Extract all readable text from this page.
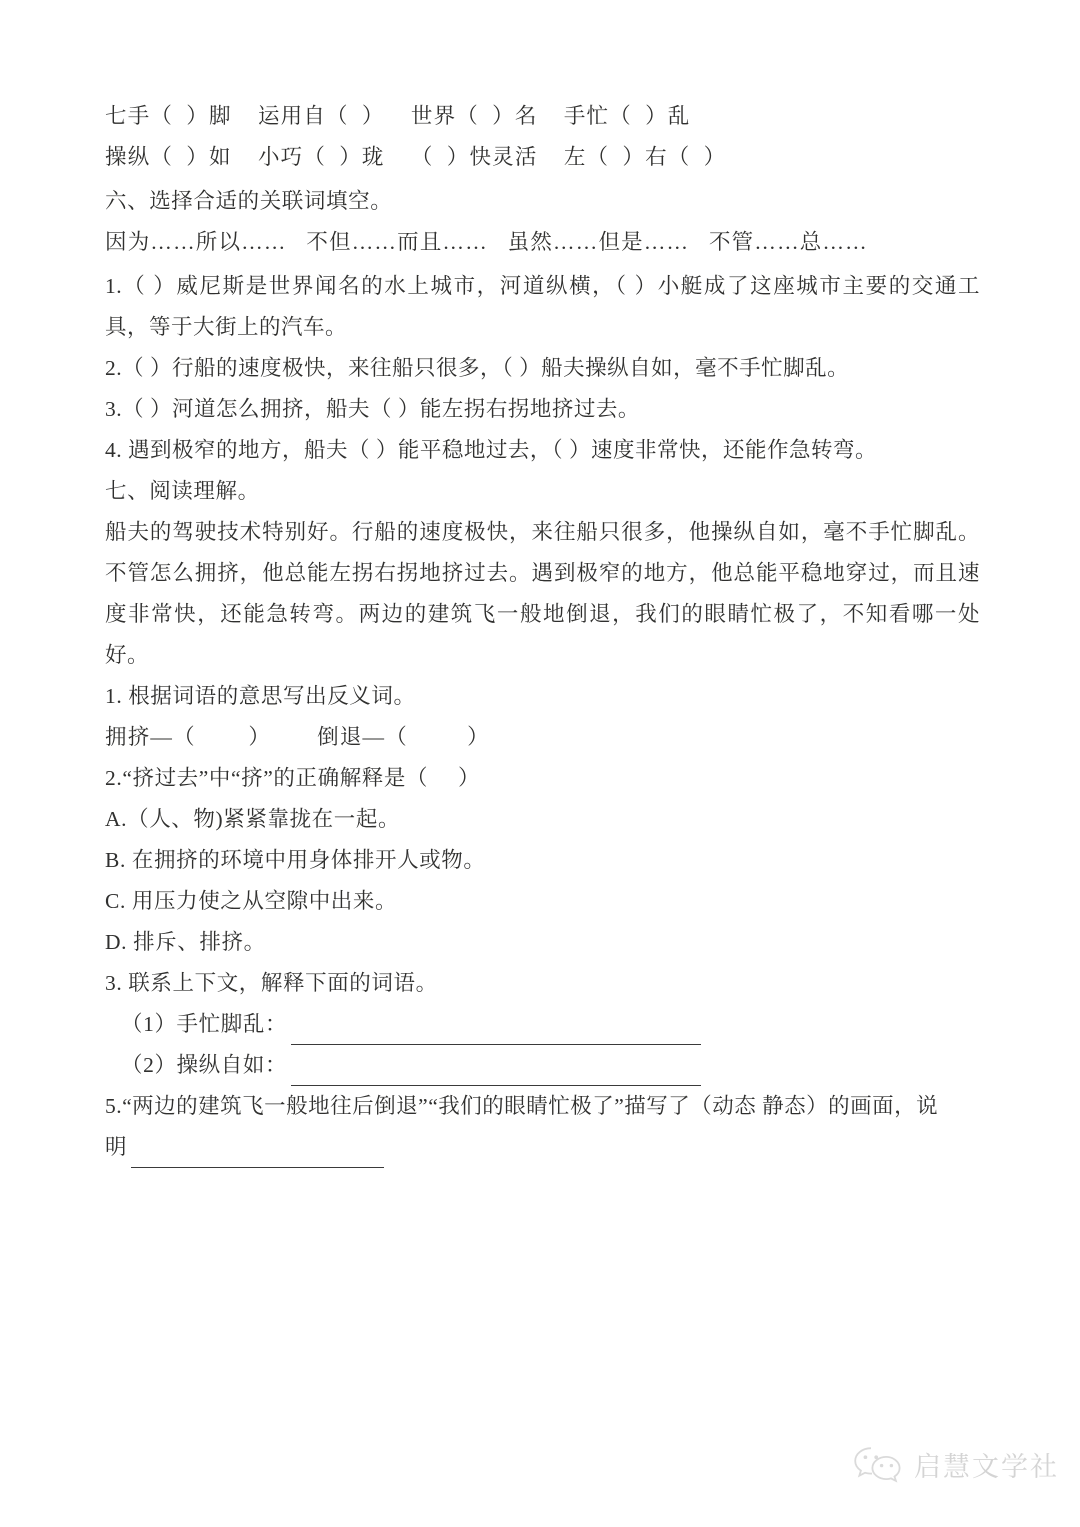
七手（  ）脚    运用自（  ）    世界（  ）名    手忙（  ）乱
操纵（  ）如    小巧（  ）珑    （  ）快灵活    左（  ）右（  ）
六、选择合适的关联词填空。
因为……所以……   不但……而且……   虽然……但是……   不管……总……
1.（ ）威尼斯是世界闻名的水上城市，河道纵横，（ ）小艇成了这座城市主要的交通工具，等于大街上的汽车。
2.（ ）行船的速度极快，来往船只很多，（ ）船夫操纵自如，毫不手忙脚乱。
3.（ ）河道怎么拥挤，船夫（ ）能左拐右拐地挤过去。
4. 遇到极窄的地方，船夫（ ）能平稳地过去，（ ）速度非常快，还能作急转弯。
七、阅读理解。
船夫的驾驶技术特别好。行船的速度极快，来往船只很多，他操纵自如，毫不手忙脚乱。不管怎么拥挤，他总能左拐右拐地挤过去。遇到极窄的地方，他总能平稳地穿过，而且速度非常快，还能急转弯。两边的建筑飞一般地倒退，我们的眼睛忙极了，不知看哪一处好。
1. 根据词语的意思写出反义词。
拥挤—（        ）       倒退—（         ）
2.“挤过去”中“挤”的正确解释是（     ）
A.（人、物)紧紧靠拢在一起。
B. 在拥挤的环境中用身体排开人或物。
C. 用压力使之从空隙中出来。
D. 排斥、排挤。
3. 联系上下文，解释下面的词语。
（1）手忙脚乱：
（2）操纵自如：
5.“两边的建筑飞一般地往后倒退”“我们的眼睛忙极了”描写了（动态 静态）的画面，说
明
启慧文学社
